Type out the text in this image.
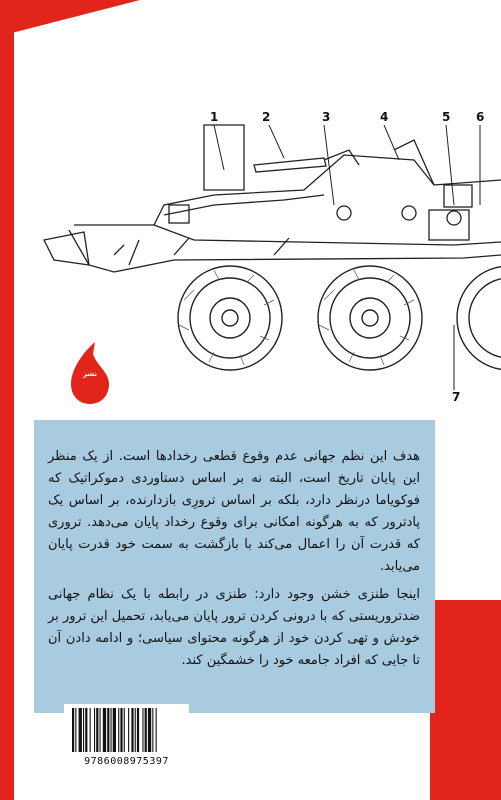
1	2	3	4	5 6
7
نشر

هدف این نظم جهانی عدم وقوع قطعی رخدادها است. از یک منظر این پایان تاریخ است، البته نه بر اساس دستاوردی دموکراتیک که فوکویاما درنظر دارد، بلکه بر اساس ترورِی بازدارنده، بر اساس یک پادترور که به هرگونه امکانی برای وقوع رخداد پایان می‌دهد. تروری که قدرت آن را اعمال می‌کند با بازگشت به سمت خود قدرت پایان می‌یابد.

اینجا طنزی خشن وجود دارد: طنزی در رابطه با یک نظام جهانی ضدتروریستی که با درونی کردن ترور پایان می‌یابد، تحمیل این ترور بر خودش و تهی کردن خود از هرگونه محتوای سیاسی؛ و ادامه دادن آن تا جایی که افراد جامعه خود را خشمگین کند.

9786008975397
